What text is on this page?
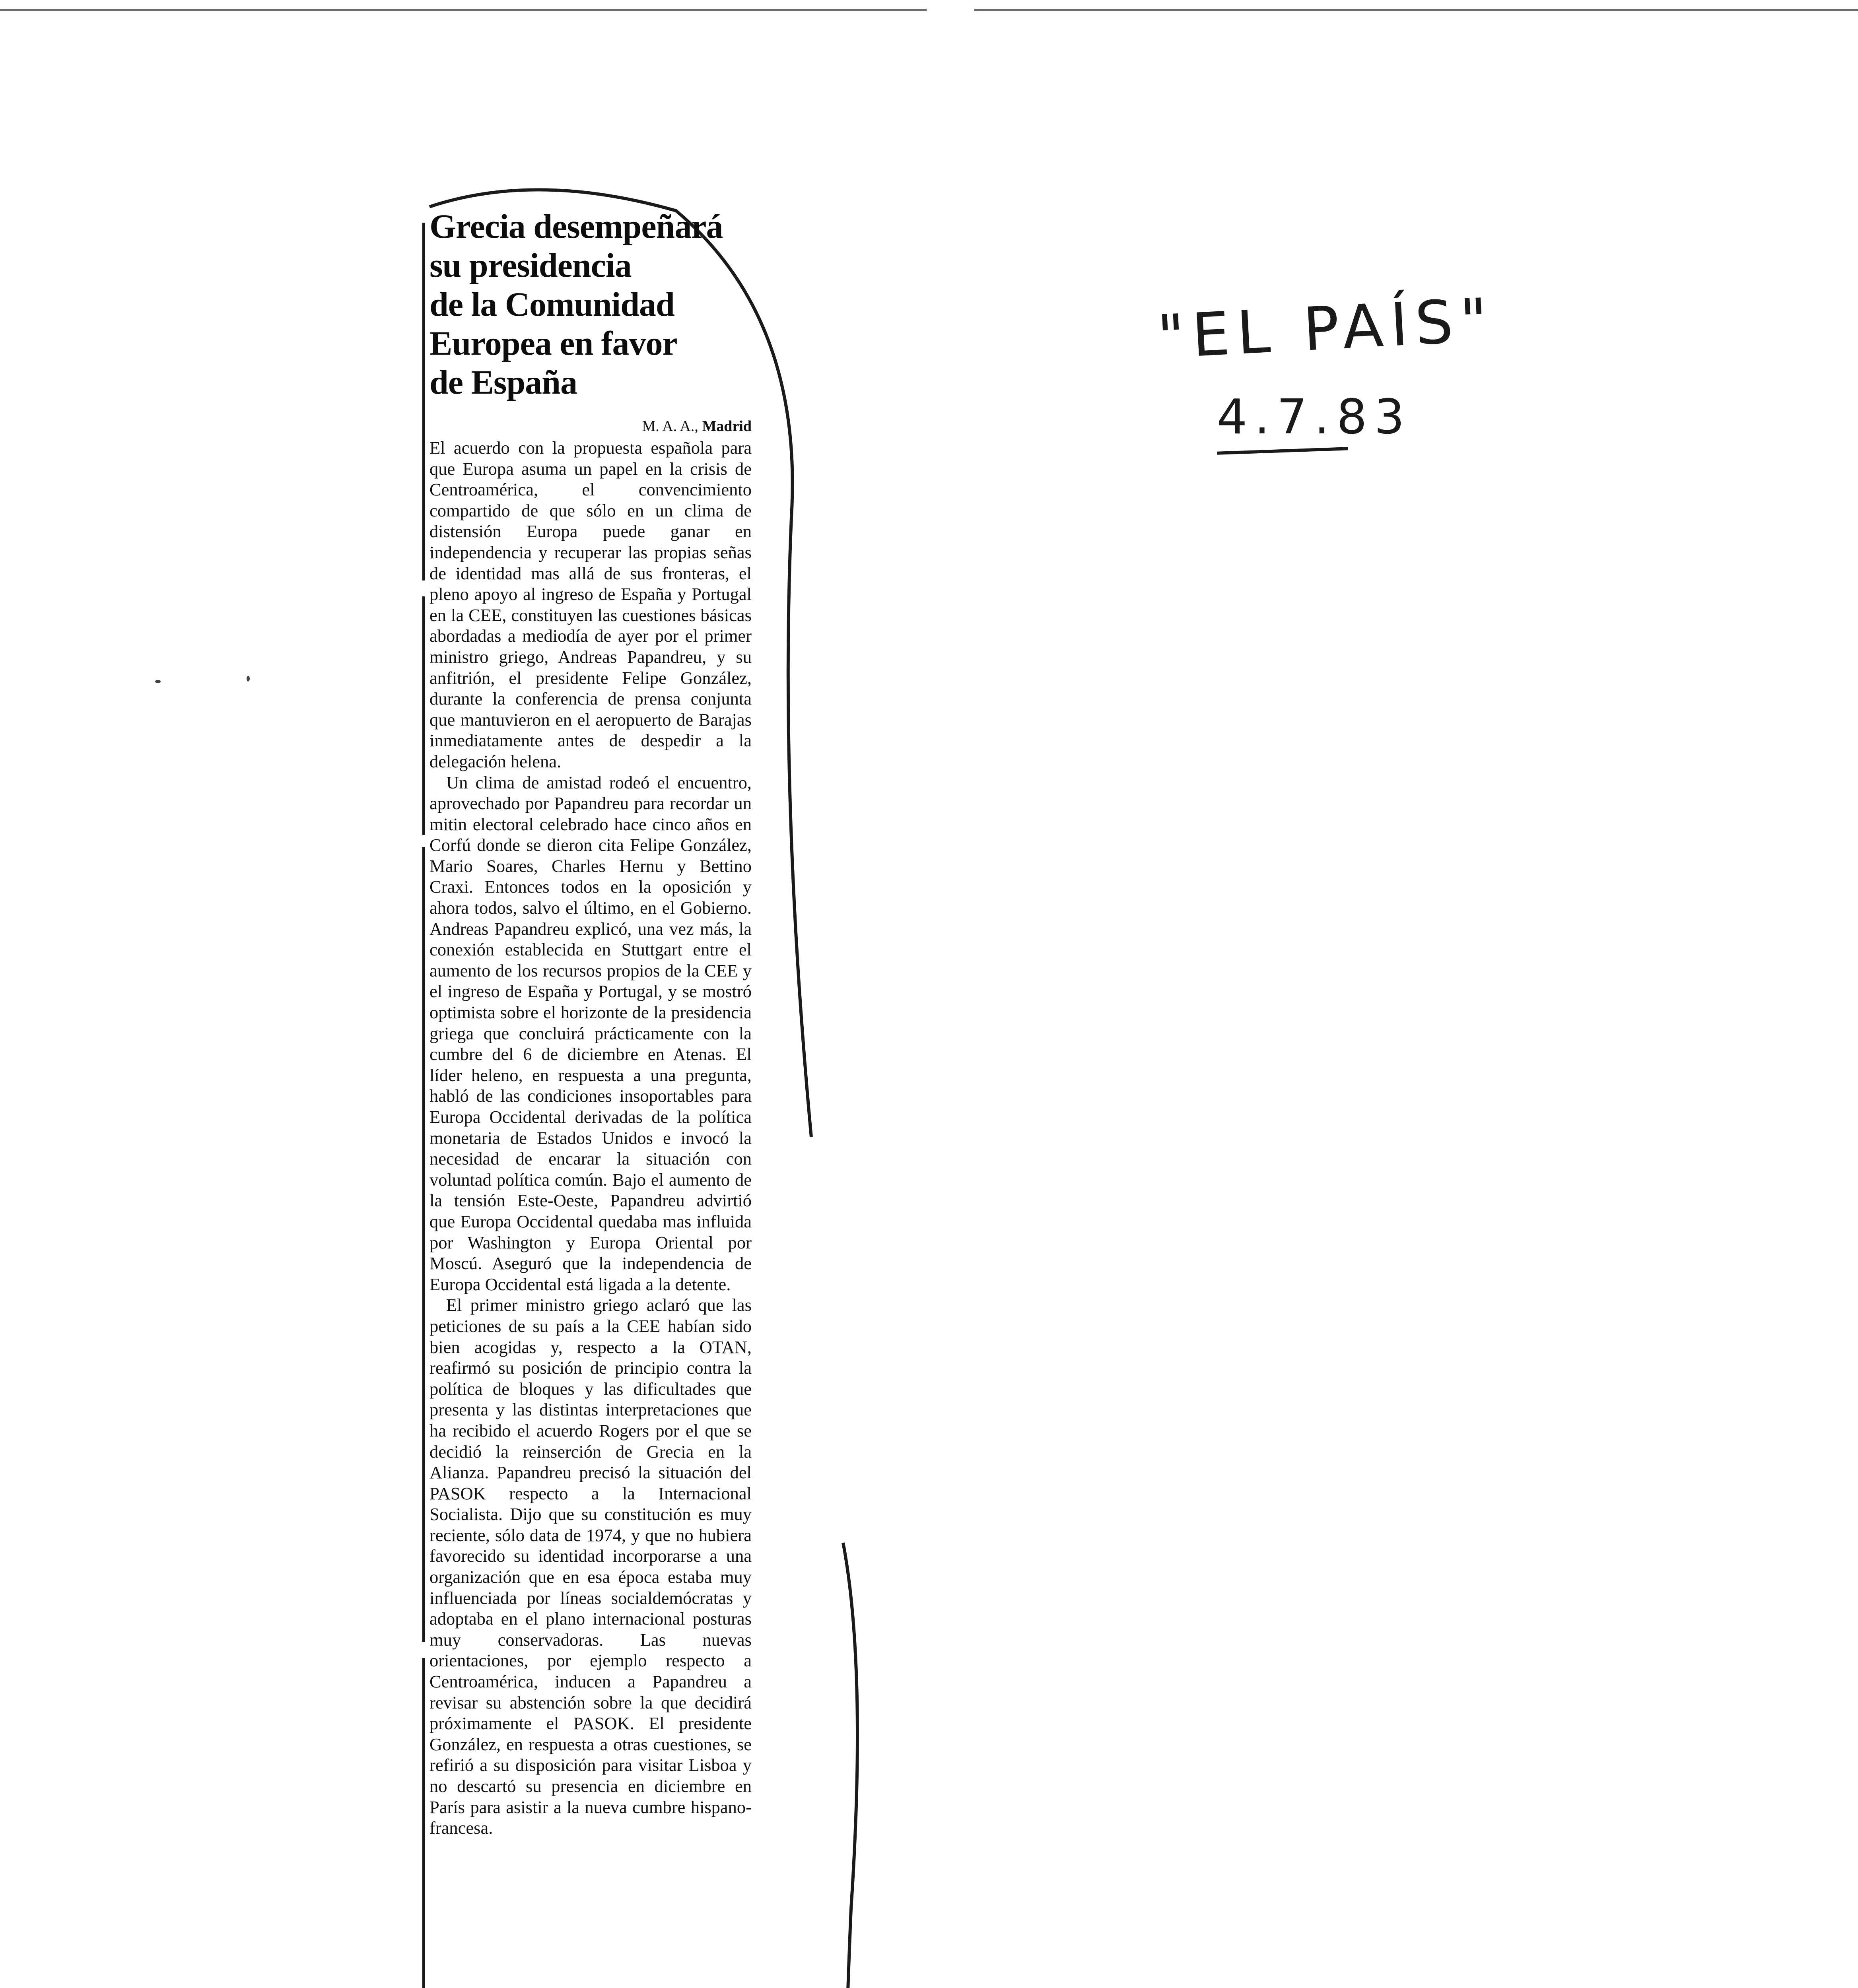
"EL PAÍS"
4.7.83
Grecia desempeñará
su presidencia
de la Comunidad
Europea en favor
de España
M. A. A., Madrid

El acuerdo con la propuesta española para que Europa asuma un papel en la crisis de Centroamérica, el convencimiento compartido de que sólo en un clima de distensión Europa puede ganar en independencia y recuperar las propias señas de identidad mas allá de sus fronteras, el pleno apoyo al ingreso de España y Portugal en la CEE, constituyen las cuestiones básicas abordadas a mediodía de ayer por el primer ministro griego, Andreas Papandreu, y su anfitrión, el presidente Felipe González, durante la conferencia de prensa conjunta que mantuvieron en el aeropuerto de Barajas inmediatamente antes de despedir a la delegación helena.

Un clima de amistad rodeó el encuentro, aprovechado por Papandreu para recordar un mitin electoral celebrado hace cinco años en Corfú donde se dieron cita Felipe González, Mario Soares, Charles Hernu y Bettino Craxi. Entonces todos en la oposición y ahora todos, salvo el último, en el Gobierno. Andreas Papandreu explicó, una vez más, la conexión establecida en Stuttgart entre el aumento de los recursos propios de la CEE y el ingreso de España y Portugal, y se mostró optimista sobre el horizonte de la presidencia griega que concluirá prácticamente con la cumbre del 6 de diciembre en Atenas. El líder heleno, en respuesta a una pregunta, habló de las condiciones insoportables para Europa Occidental derivadas de la política monetaria de Estados Unidos e invocó la necesidad de encarar la situación con voluntad política común. Bajo el aumento de la tensión Este-Oeste, Papandreu advirtió que Europa Occidental quedaba mas influida por Washington y Europa Oriental por Moscú. Aseguró que la independencia de Europa Occidental está ligada a la detente.

El primer ministro griego aclaró que las peticiones de su país a la CEE habían sido bien acogidas y, respecto a la OTAN, reafirmó su posición de principio contra la política de bloques y las dificultades que presenta y las distintas interpretaciones que ha recibido el acuerdo Rogers por el que se decidió la reinserción de Grecia en la Alianza. Papandreu precisó la situación del PASOK respecto a la Internacional Socialista. Dijo que su constitución es muy reciente, sólo data de 1974, y que no hubiera favorecido su identidad incorporarse a una organización que en esa época estaba muy influenciada por líneas socialdemócratas y adoptaba en el plano internacional posturas muy conservadoras. Las nuevas orientaciones, por ejemplo respecto a Centroamérica, inducen a Papandreu a revisar su abstención sobre la que decidirá próximamente el PASOK. El presidente González, en respuesta a otras cuestiones, se refirió a su disposición para visitar Lisboa y no descartó su presencia en diciembre en París para asistir a la nueva cumbre hispano-francesa.
